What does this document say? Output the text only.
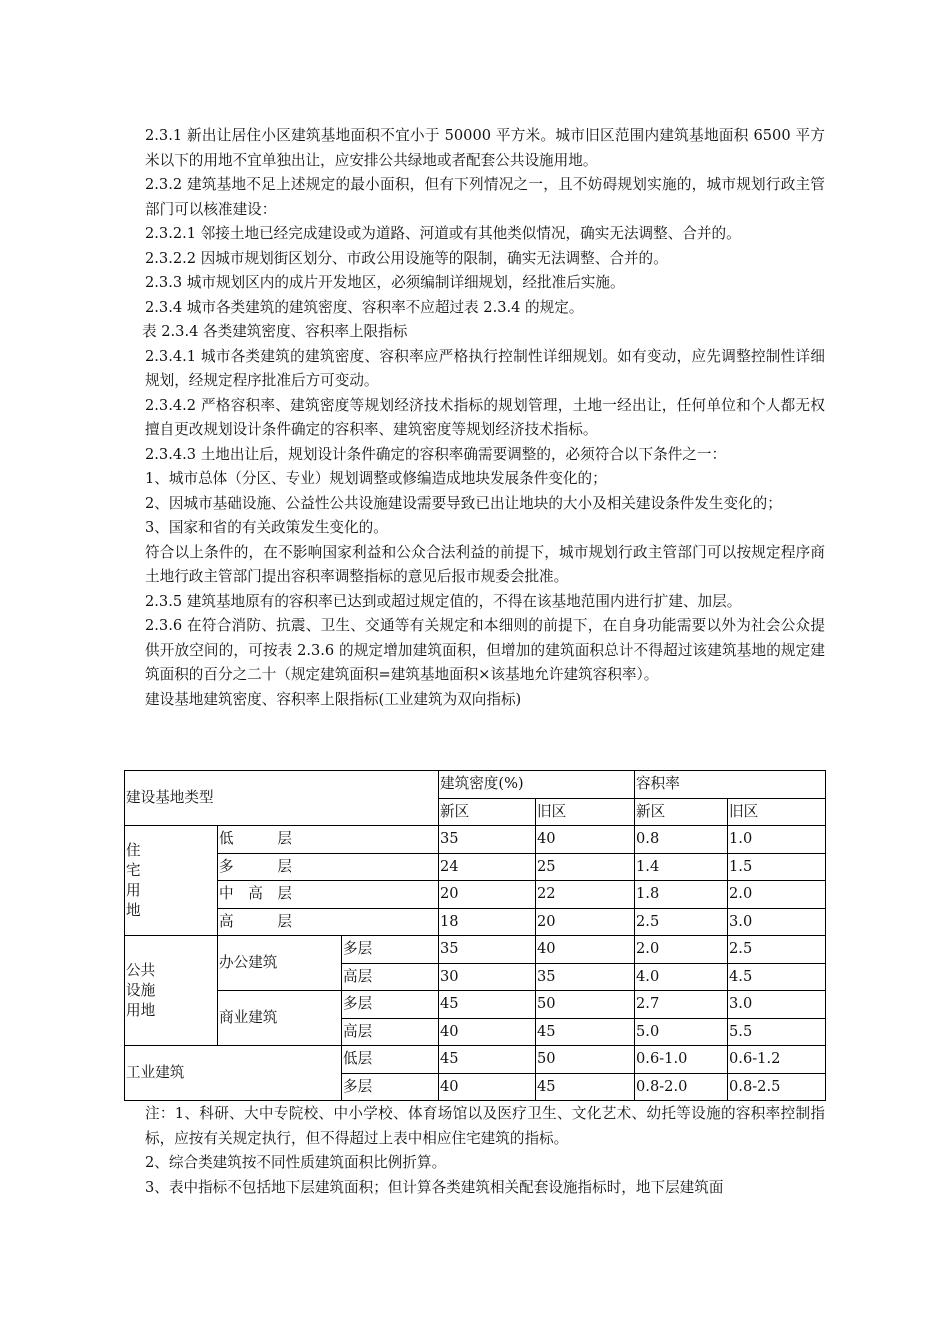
2.3.1 新出让居住小区建筑基地面积不宜小于 50000 平方米。城市旧区范围内建筑基地面积 6500 平方米以下的用地不宜单独出让，应安排公共绿地或者配套公共设施用地。

2.3.2 建筑基地不足上述规定的最小面积，但有下列情况之一，且不妨碍规划实施的，城市规划行政主管部门可以核准建设：

2.3.2.1 邻接土地已经完成建设或为道路、河道或有其他类似情况，确实无法调整、合并的。

2.3.2.2 因城市规划街区划分、市政公用设施等的限制，确实无法调整、合并的。

2.3.3 城市规划区内的成片开发地区，必须编制详细规划，经批准后实施。

2.3.4 城市各类建筑的建筑密度、容积率不应超过表 2.3.4 的规定。

表 2.3.4 各类建筑密度、容积率上限指标

2.3.4.1 城市各类建筑的建筑密度、容积率应严格执行控制性详细规划。如有变动，应先调整控制性详细规划，经规定程序批准后方可变动。

2.3.4.2 严格容积率、建筑密度等规划经济技术指标的规划管理，土地一经出让，任何单位和个人都无权擅自更改规划设计条件确定的容积率、建筑密度等规划经济技术指标。

2.3.4.3 土地出让后，规划设计条件确定的容积率确需要调整的，必须符合以下条件之一：

1、城市总体（分区、专业）规划调整或修编造成地块发展条件变化的；

2、因城市基础设施、公益性公共设施建设需要导致已出让地块的大小及相关建设条件发生变化的；

3、国家和省的有关政策发生变化的。

符合以上条件的，在不影响国家利益和公众合法利益的前提下，城市规划行政主管部门可以按规定程序商土地行政主管部门提出容积率调整指标的意见后报市规委会批准。

2.3.5 建筑基地原有的容积率已达到或超过规定值的，不得在该基地范围内进行扩建、加层。

2.3.6 在符合消防、抗震、卫生、交通等有关规定和本细则的前提下，在自身功能需要以外为社会公众提供开放空间的，可按表 2.3.6 的规定增加建筑面积，但增加的建筑面积总计不得超过该建筑基地的规定建筑面积的百分之二十（规定建筑面积=建筑基地面积×该基地允许建筑容积率）。

建设基地建筑密度、容积率上限指标(工业建筑为双向指标)

建设基地类型			建筑密度(%)		容积率	
			新区	旧区	新区	旧区

住宅用地	低　　　层		35	40	0.8	1.0
	多　　　层		24	25	1.4	1.5
	中　高　层		20	22	1.8	2.0
	高　　　层		18	20	2.5	3.0

公共设施用地	办公建筑	多层	35	40	2.0	2.5
		高层	30	35	4.0	4.5
	商业建筑	多层	45	50	2.7	3.0
		高层	40	45	5.0	5.5
工业建筑		低层	45	50	0.6-1.0	0.6-1.2
		多层	40	45	0.8-2.0	0.8-2.5

注：1、科研、大中专院校、中小学校、体育场馆以及医疗卫生、文化艺术、幼托等设施的容积率控制指标，应按有关规定执行，但不得超过上表中相应住宅建筑的指标。

2、综合类建筑按不同性质建筑面积比例折算。

3、表中指标不包括地下层建筑面积；但计算各类建筑相关配套设施指标时，地下层建筑面
